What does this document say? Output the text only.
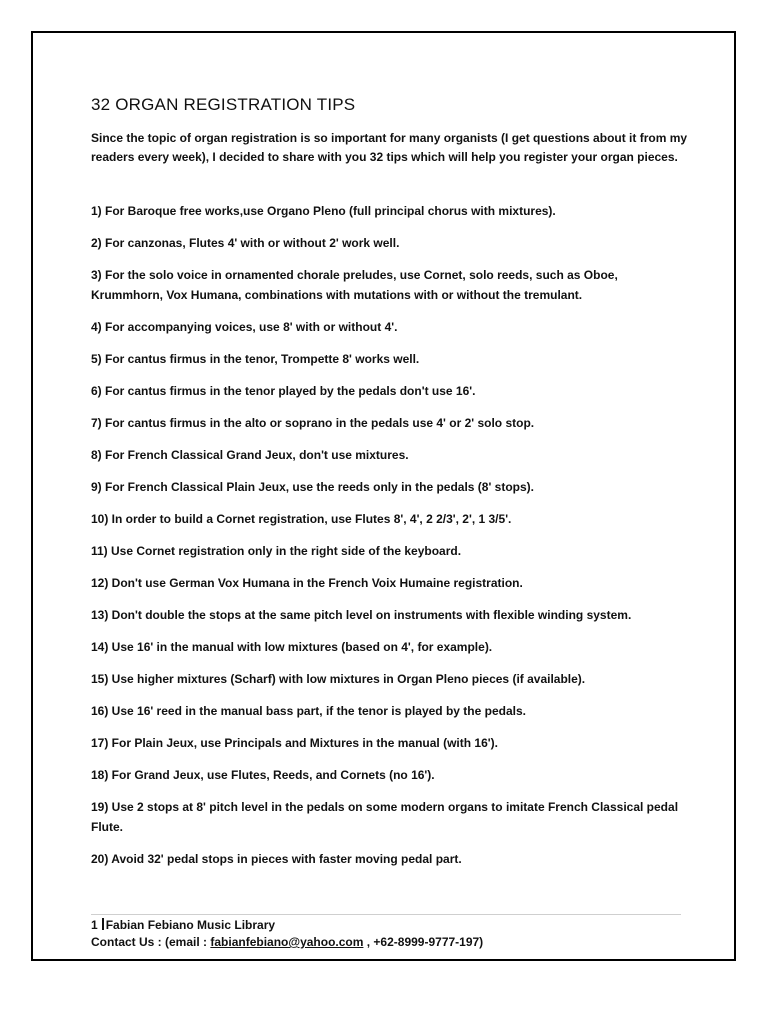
32 ORGAN REGISTRATION TIPS

Since the topic of organ registration is so important for many organists (I get questions about it from my readers every week), I decided to share with you 32 tips which will help you register your organ pieces.

1) For Baroque free works,use Organo Pleno (full principal chorus with mixtures).
2) For canzonas, Flutes 4' with or without 2' work well.
3) For the solo voice in ornamented chorale preludes, use Cornet, solo reeds, such as Oboe, Krummhorn, Vox Humana, combinations with mutations with or without the tremulant.
4) For accompanying voices, use 8' with or without 4'.
5) For cantus firmus in the tenor, Trompette 8' works well.
6) For cantus firmus in the tenor played by the pedals don't use 16'.
7) For cantus firmus in the alto or soprano in the pedals use 4' or 2' solo stop.
8) For French Classical Grand Jeux, don't use mixtures.
9) For French Classical Plain Jeux, use the reeds only in the pedals (8' stops).
10) In order to build a Cornet registration, use Flutes 8', 4', 2 2/3', 2', 1 3/5'.
11) Use Cornet registration only in the right side of the keyboard.
12) Don't use German Vox Humana in the French Voix Humaine registration.
13) Don't double the stops at the same pitch level on instruments with flexible winding system.
14) Use 16' in the manual with low mixtures (based on 4', for example).
15) Use higher mixtures (Scharf) with low mixtures in Organ Pleno pieces (if available).
16) Use 16' reed in the manual bass part, if the tenor is played by the pedals.
17) For Plain Jeux, use Principals and Mixtures in the manual (with 16').
18) For Grand Jeux, use Flutes, Reeds, and Cornets (no 16').
19) Use 2 stops at 8' pitch level in the pedals on some modern organs to imitate French Classical pedal Flute.
20) Avoid 32' pedal stops in pieces with faster moving pedal part.
1 Fabian Febiano Music Library
Contact Us : (email : fabianfebiano@yahoo.com , +62-8999-9777-197)
